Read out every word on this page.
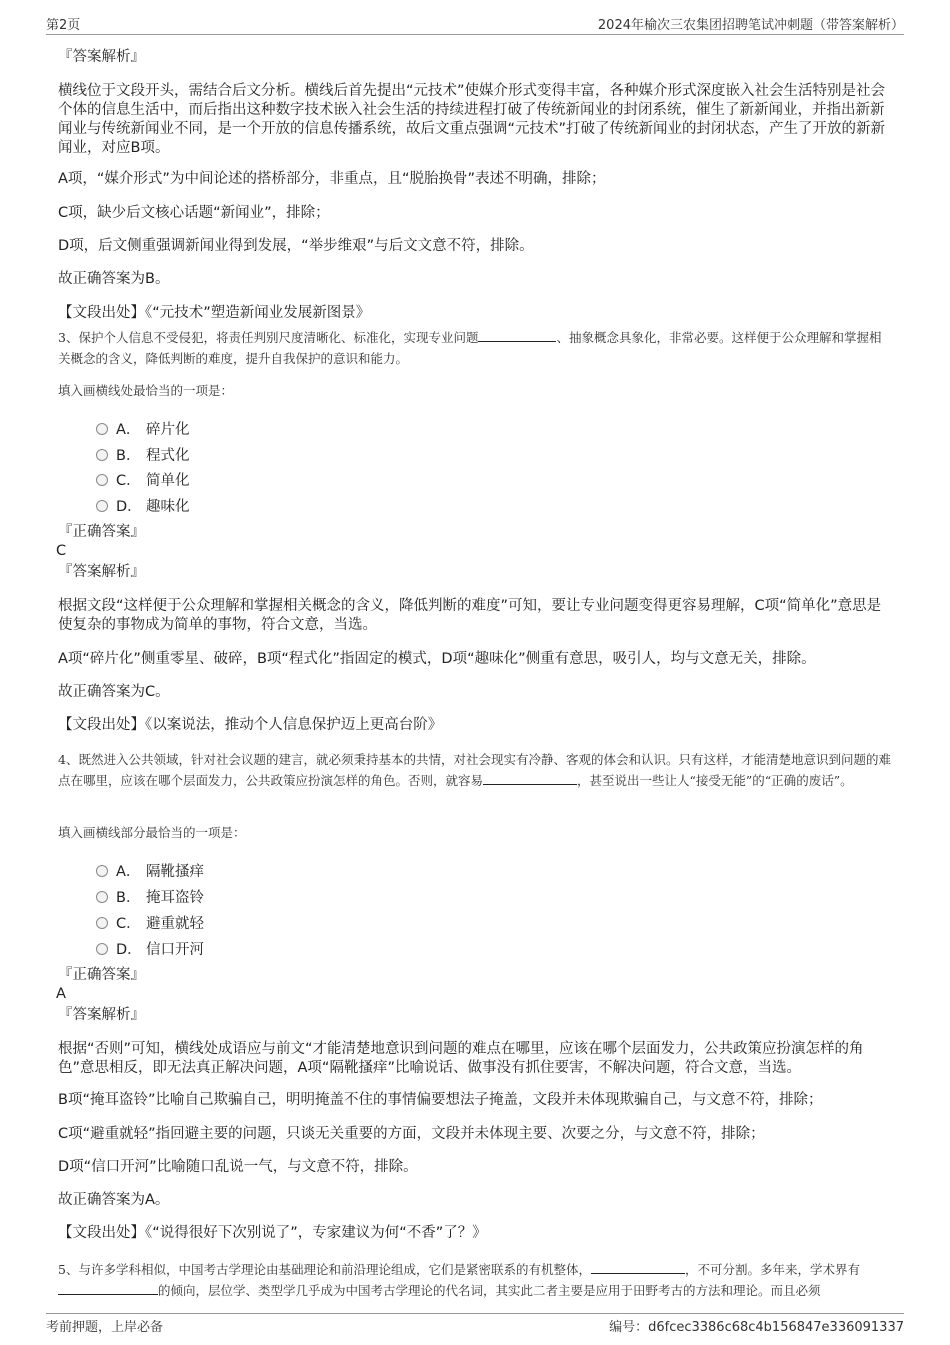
第2页	2024年榆次三农集团招聘笔试冲刺题（带答案解析）
『答案解析』
横线位于文段开头，需结合后文分析。横线后首先提出“元技术”使媒介形式变得丰富，各种媒介形式深度嵌入社会生活特别是社会个体的信息生活中，而后指出这种数字技术嵌入社会生活的持续进程打破了传统新闻业的封闭系统，催生了新新闻业，并指出新新闻业与传统新闻业不同，是一个开放的信息传播系统，故后文重点强调“元技术”打破了传统新闻业的封闭状态，产生了开放的新新闻业，对应B项。
A项，“媒介形式”为中间论述的搭桥部分，非重点，且“脱胎换骨”表述不明确，排除；
C项，缺少后文核心话题“新闻业”，排除；
D项，后文侧重强调新闻业得到发展，“举步维艰”与后文文意不符，排除。
故正确答案为B。
【文段出处】《“元技术”塑造新闻业发展新图景》
3、保护个人信息不受侵犯，将责任判别尺度清晰化、标准化，实现专业问题	、抽象概念具象化，非常必要。这样便于公众理解和掌握相关概念的含义，降低判断的难度，提升自我保护的意识和能力。
填入画横线处最恰当的一项是：
A． 碎片化
B． 程式化
C． 简单化
D． 趣味化
『正确答案』
C
『答案解析』
根据文段“这样便于公众理解和掌握相关概念的含义，降低判断的难度”可知，要让专业问题变得更容易理解，C项“简单化”意思是使复杂的事物成为简单的事物，符合文意，当选。
A项“碎片化”侧重零星、破碎，B项“程式化”指固定的模式，D项“趣味化”侧重有意思，吸引人，均与文意无关，排除。
故正确答案为C。
【文段出处】《以案说法，推动个人信息保护迈上更高台阶》
4、既然进入公共领域，针对社会议题的建言，就必须秉持基本的共情，对社会现实有冷静、客观的体会和认识。只有这样，才能清楚地意识到问题的难点在哪里，应该在哪个层面发力，公共政策应扮演怎样的角色。否则，就容易	，甚至说出一些让人“接受无能”的“正确的废话”。
填入画横线部分最恰当的一项是：
A． 隔靴搔痒
B． 掩耳盗铃
C． 避重就轻
D． 信口开河
『正确答案』
A
『答案解析』
根据“否则”可知，横线处成语应与前文“才能清楚地意识到问题的难点在哪里，应该在哪个层面发力，公共政策应扮演怎样的角色”意思相反，即无法真正解决问题，A项“隔靴搔痒”比喻说话、做事没有抓住要害，不解决问题，符合文意，当选。
B项“掩耳盗铃”比喻自己欺骗自己，明明掩盖不住的事情偏要想法子掩盖，文段并未体现欺骗自己，与文意不符，排除；
C项“避重就轻”指回避主要的问题，只谈无关重要的方面，文段并未体现主要、次要之分，与文意不符，排除；
D项“信口开河”比喻随口乱说一气，与文意不符，排除。
故正确答案为A。
【文段出处】《“说得很好下次别说了”，专家建议为何“不香”了？》
5、与许多学科相似，中国考古学理论由基础理论和前沿理论组成，它们是紧密联系的有机整体，	，不可分割。多年来，学术界有的倾向，层位学、类型学几乎成为中国考古学理论的代名词，其实此二者主要是应用于田野考古的方法和理论。而且必须
考前押题，上岸必备	编号：d6fcec3386c68c4b156847e336091337
